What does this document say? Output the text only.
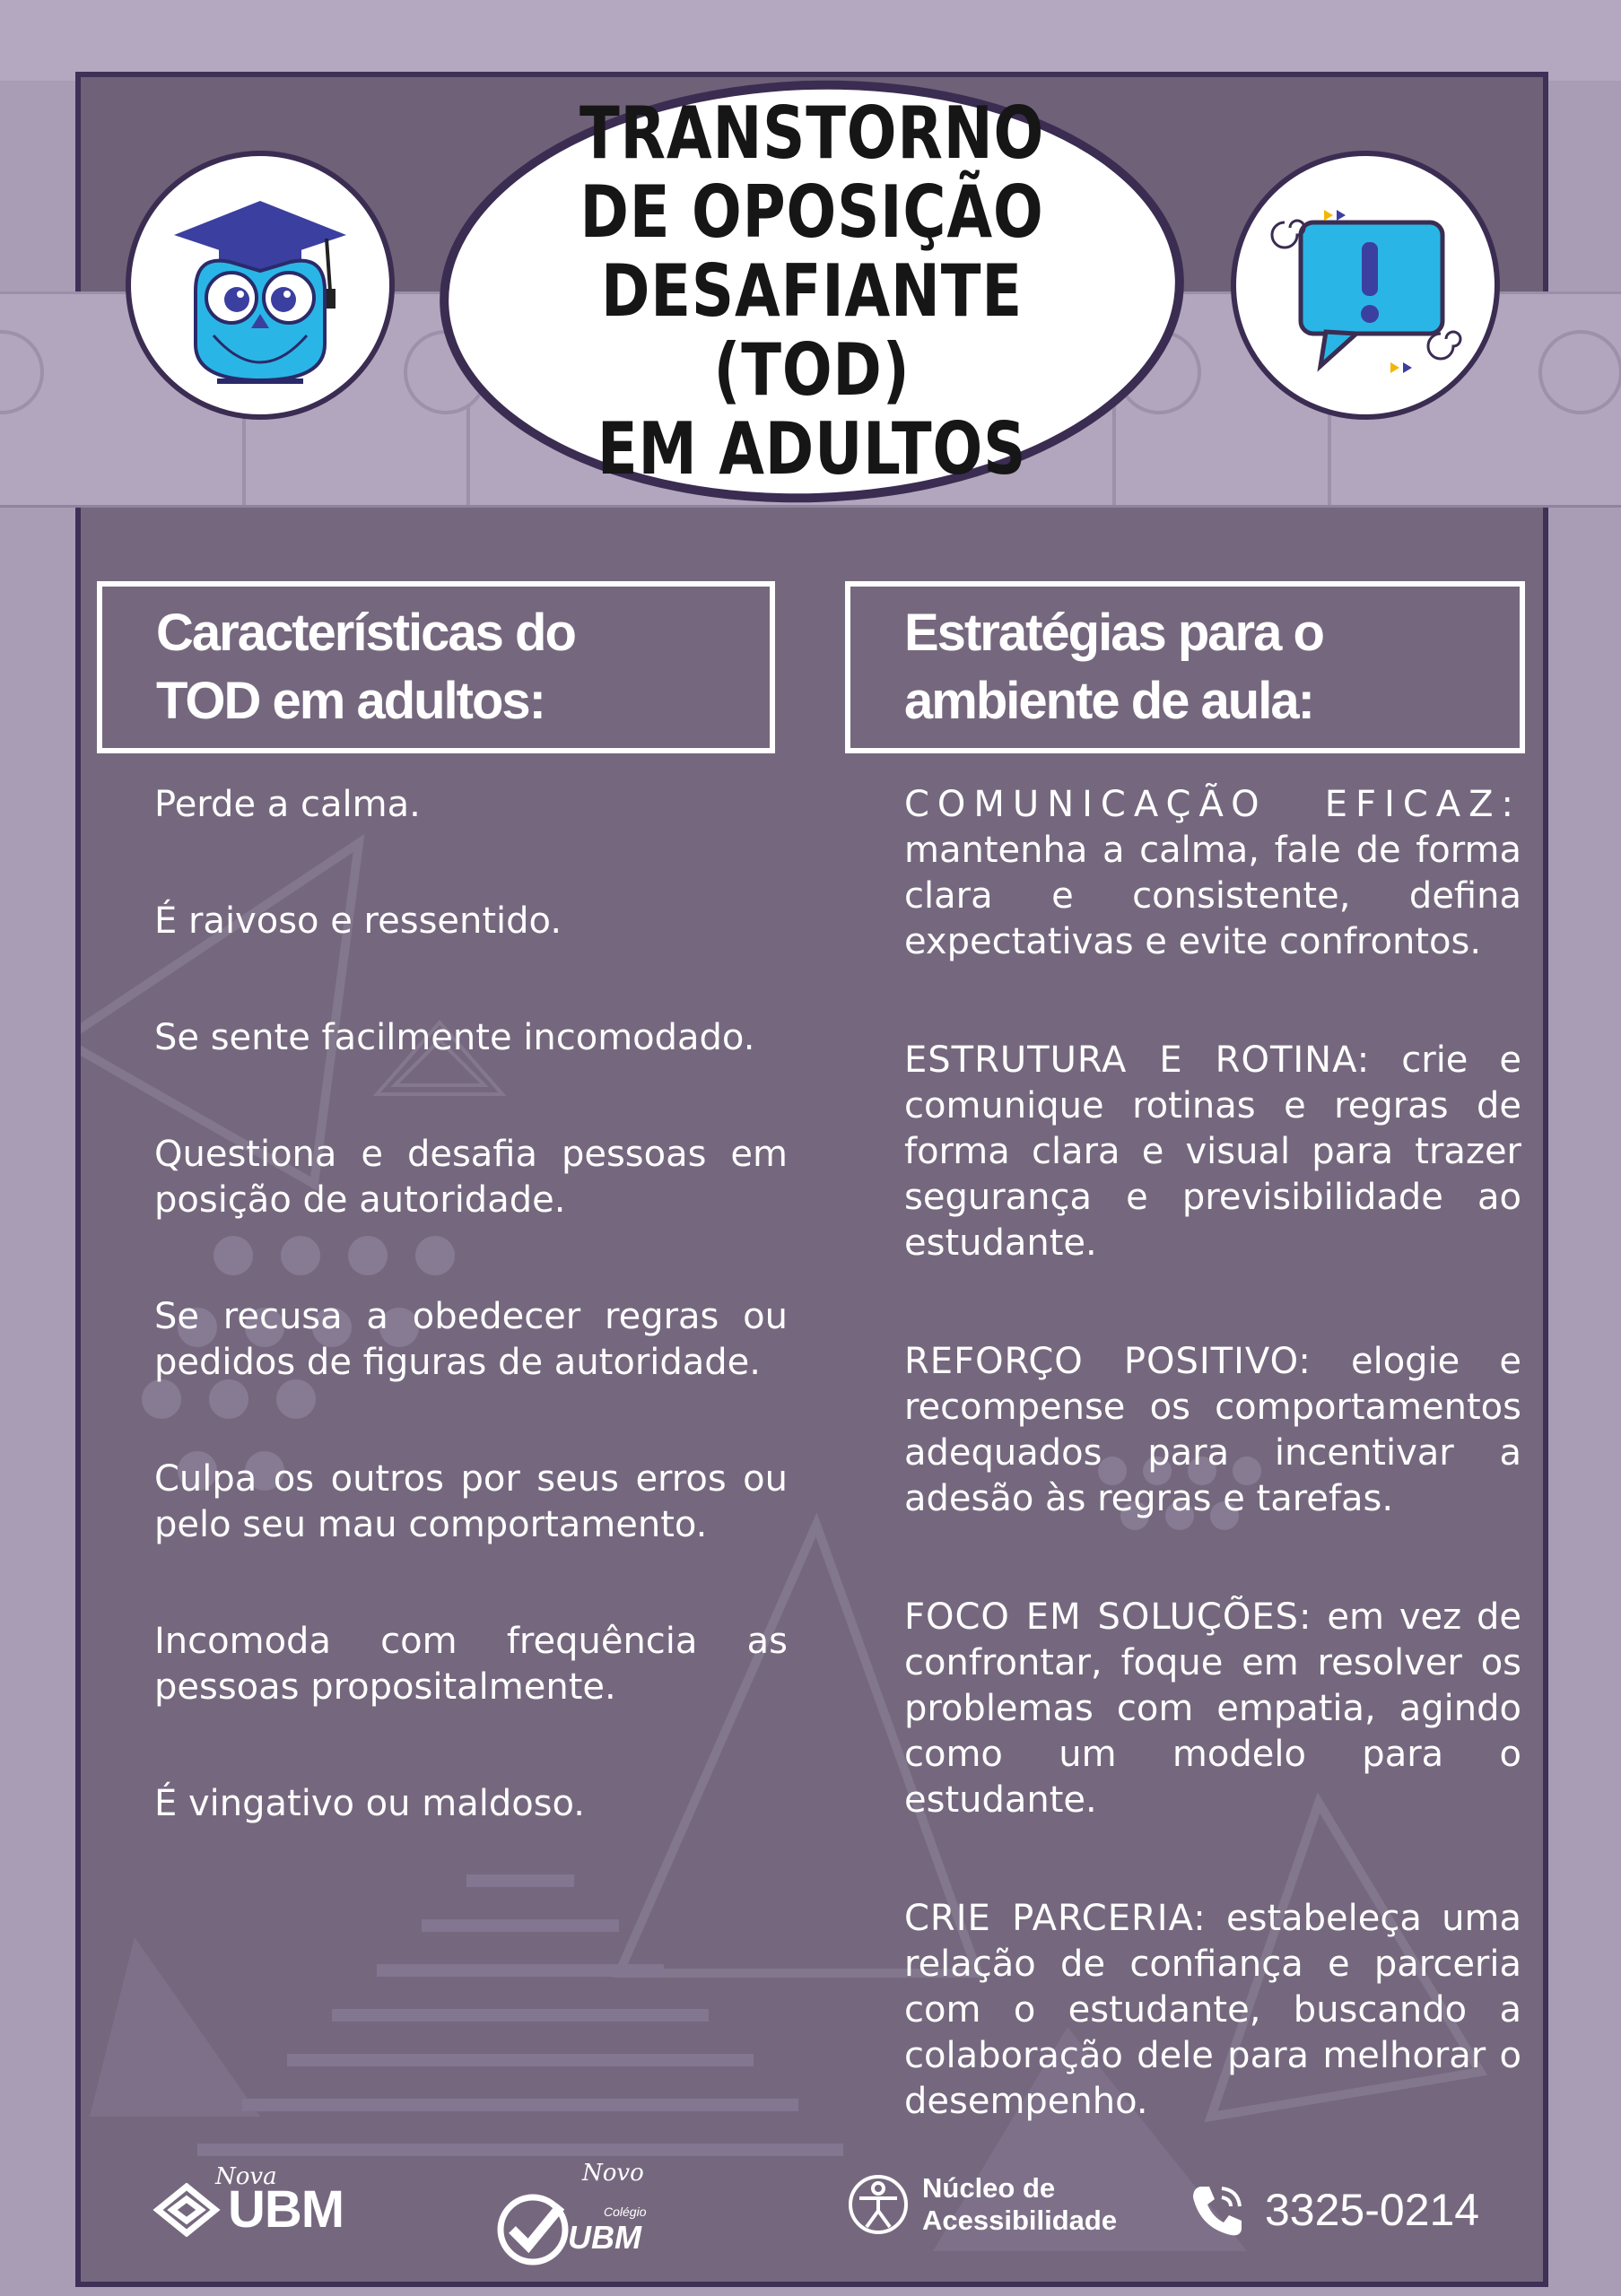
TRANSTORNO
DE OPOSIÇÃO
DESAFIANTE (TOD)
EM ADULTOS
Características do
TOD em adultos:
Estratégias para o
ambiente de aula:

Perde a calma.

É raivoso e ressentido.

Se sente facilmente incomodado.

Questiona e desafia pessoas em posição de autoridade.

Se recusa a obedecer regras ou pedidos de figuras de autoridade.

Culpa os outros por seus erros ou pelo seu mau comportamento.

Incomoda com frequência as pessoas propositalmente.

É vingativo ou maldoso.

COMUNICAÇÃO EFICAZ: mantenha a calma, fale de forma clara e consistente, defina expectativas e evite confrontos.

ESTRUTURA E ROTINA: crie e comunique rotinas e regras de forma clara e visual para trazer segurança e previsibilidade ao estudante.

REFORÇO POSITIVO: elogie e recompense os comportamentos adequados para incentivar a adesão às regras e tarefas.

FOCO EM SOLUÇÕES: em vez de confrontar, foque em resolver os problemas com empatia, agindo como um modelo para o estudante.

CRIE PARCERIA: estabeleça uma relação de confiança e parceria com o estudante, buscando a colaboração dele para melhorar o desempenho.

Nova
UBM
Novo
Colégio
UBM
Núcleo de
Acessibilidade	3325-0214
